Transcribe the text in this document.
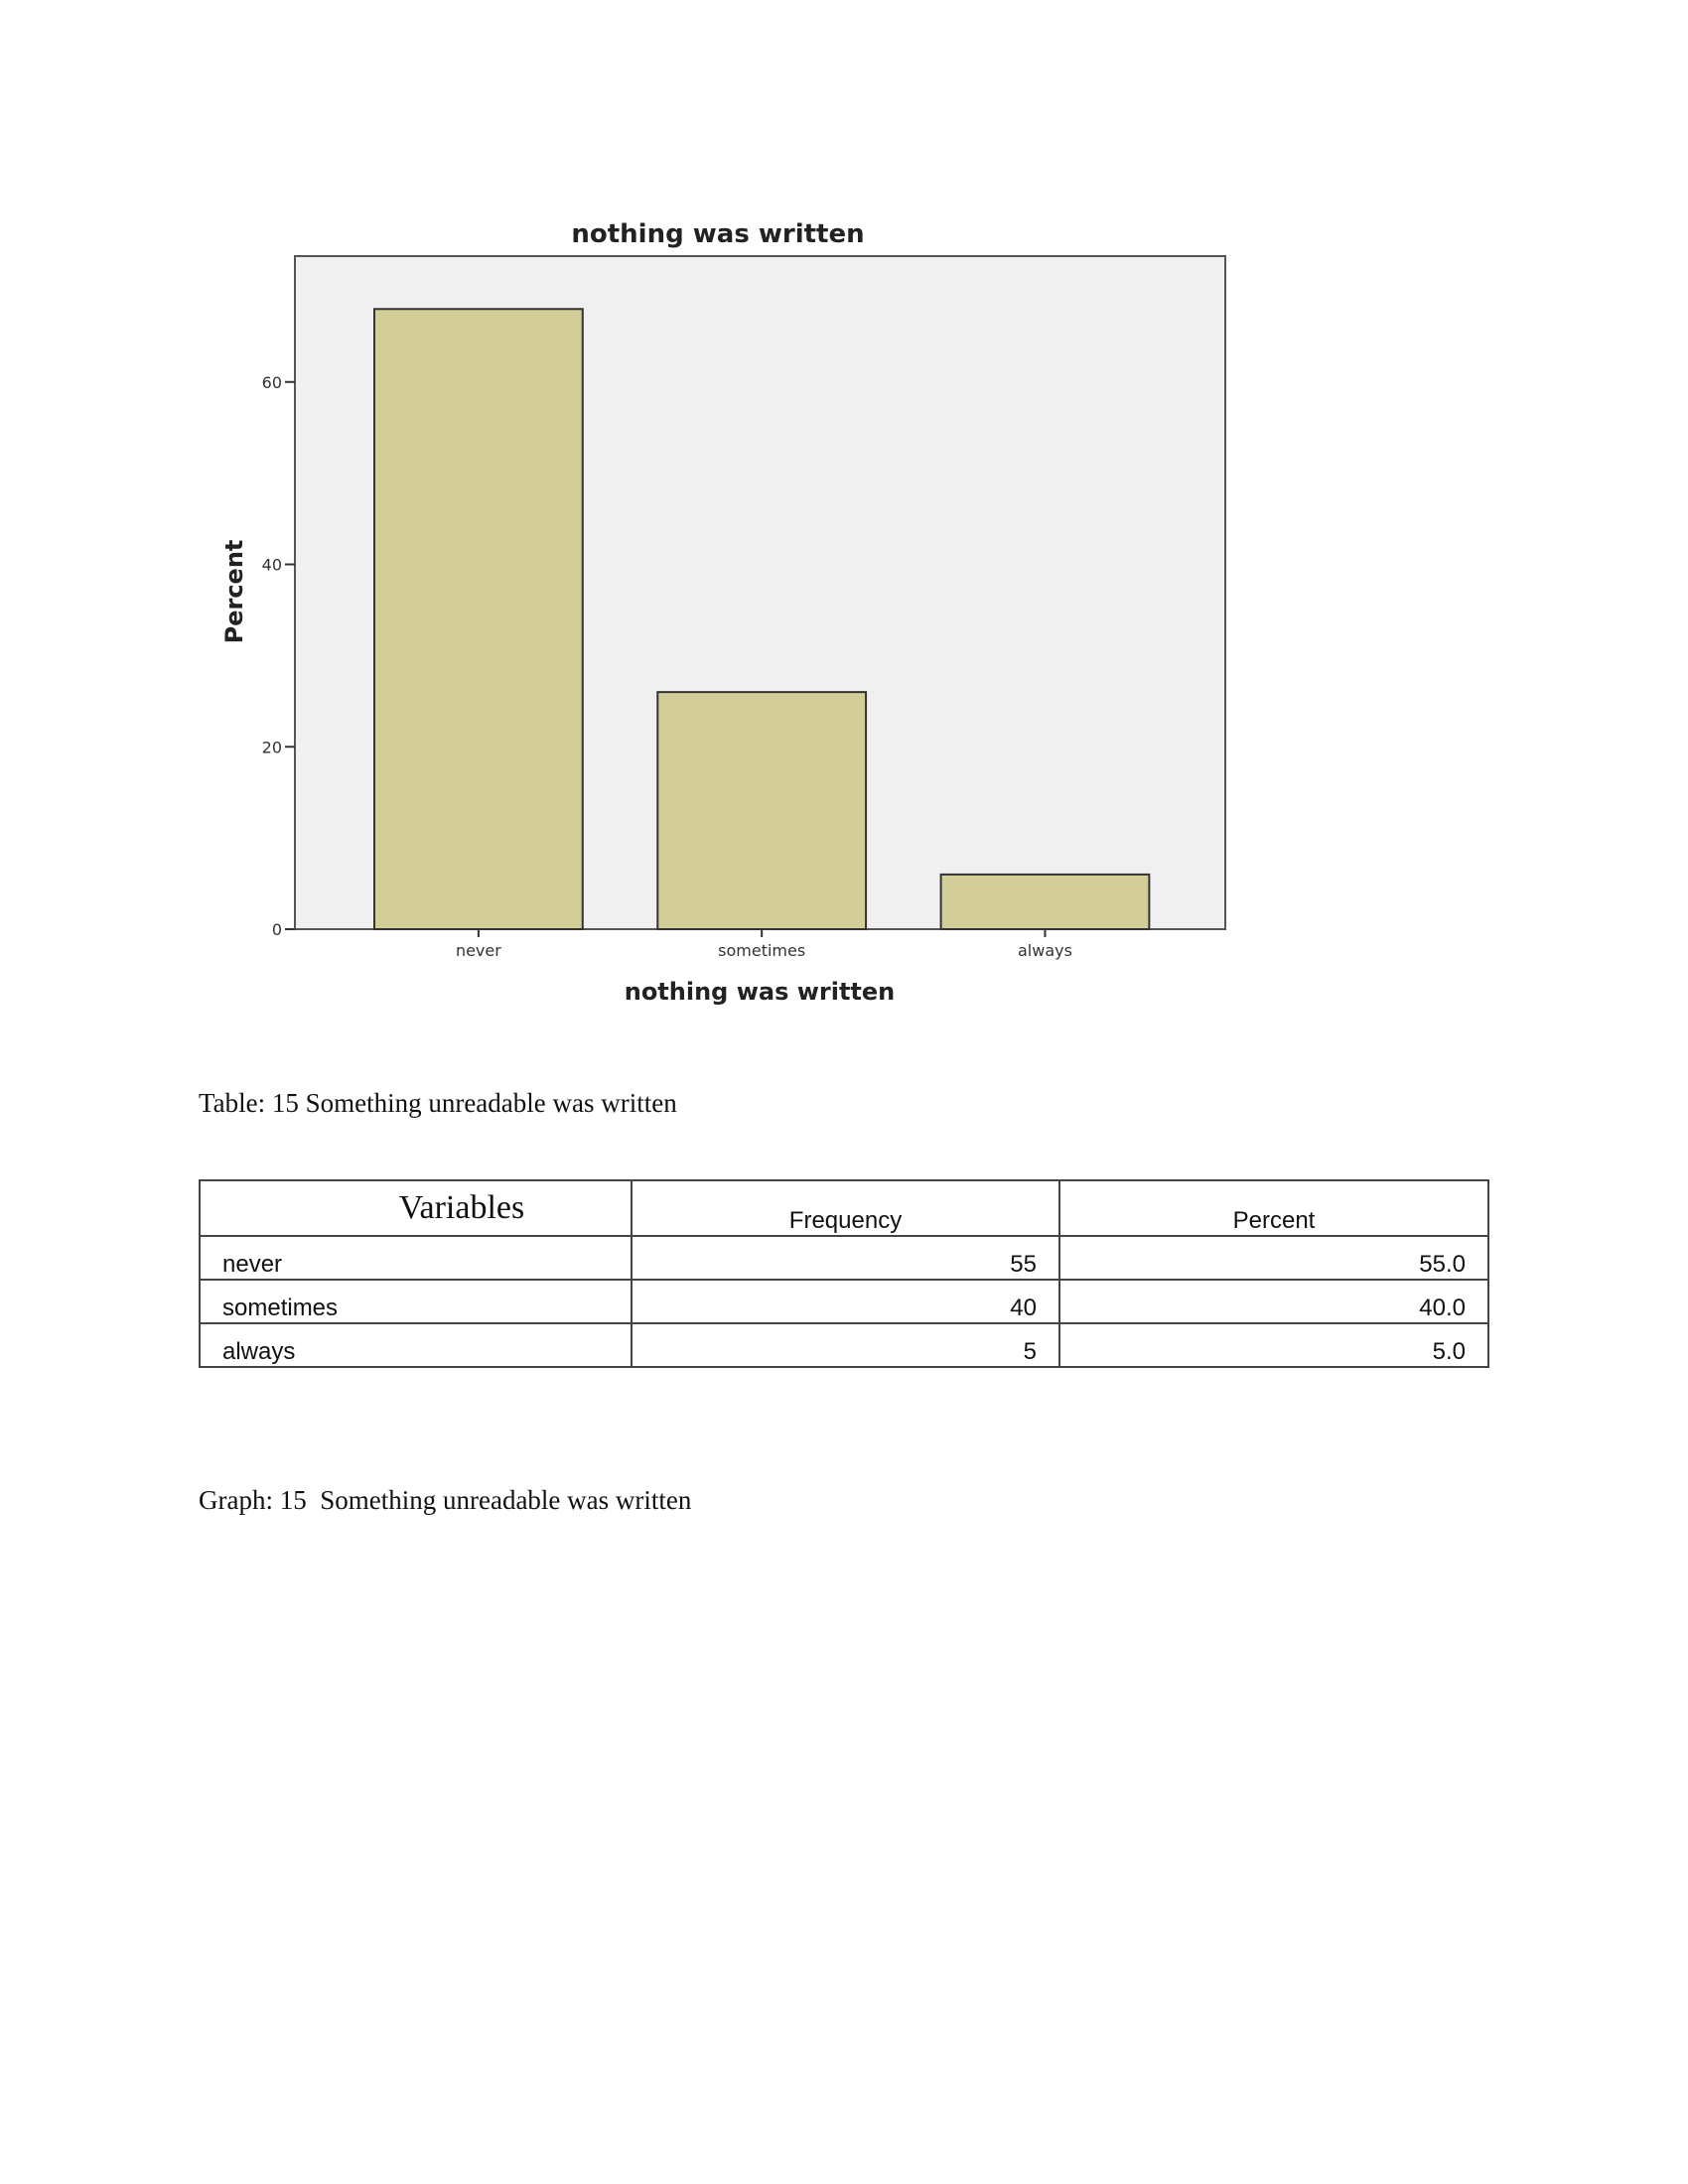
nothing was written
0
20
40
60
never	sometimes	always
nothing was written
Percent
Table: 15 Something unreadable was written
Variables	Frequency	Percent
never	55	55.0
sometimes	40	40.0
always	5	5.0
Graph: 15  Something unreadable was written
